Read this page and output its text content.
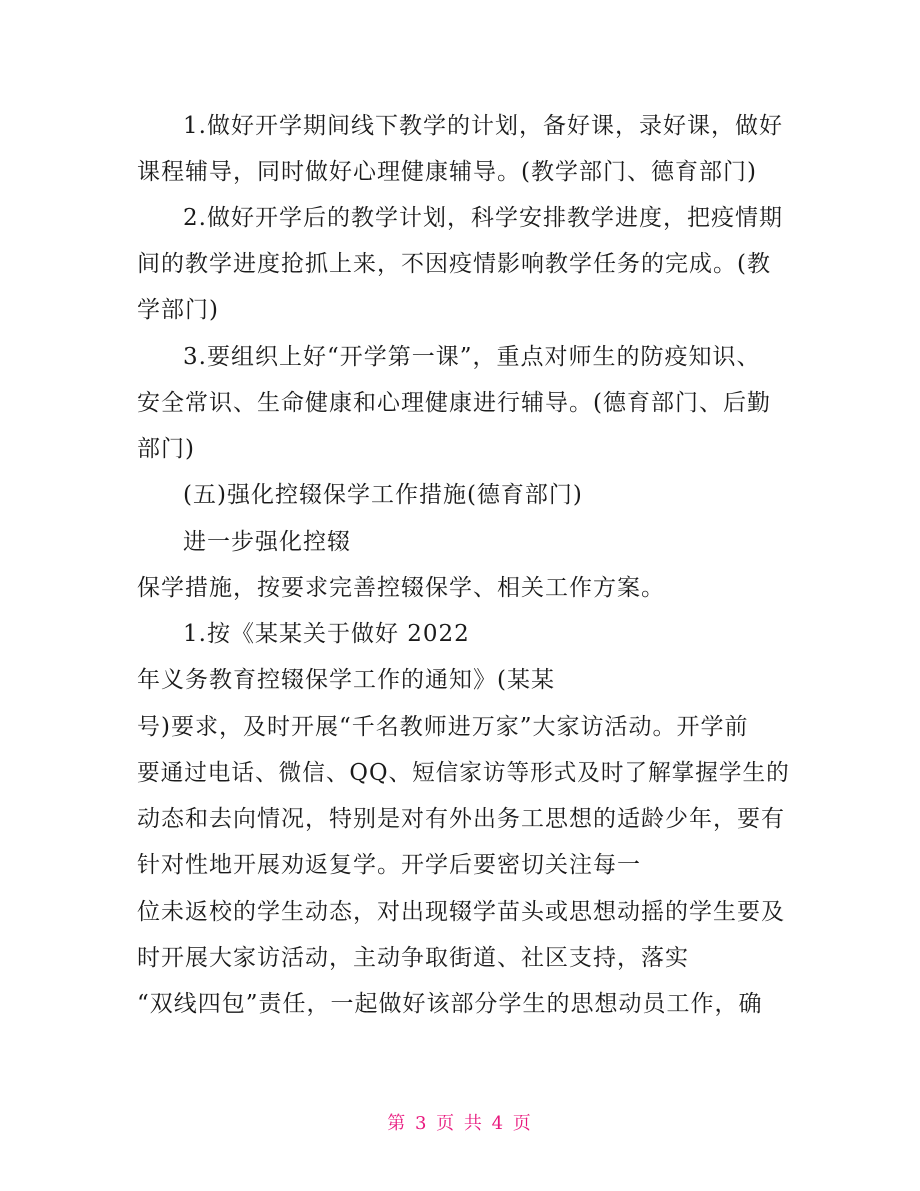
1.做好开学期间线下教学的计划，备好课，录好课，做好
课程辅导，同时做好心理健康辅导。(教学部门、德育部门)
2.做好开学后的教学计划，科学安排教学进度，把疫情期
间的教学进度抢抓上来，不因疫情影响教学任务的完成。(教
学部门)
3.要组织上好“开学第一课”，重点对师生的防疫知识、
安全常识、生命健康和心理健康进行辅导。(德育部门、后勤
部门)
(五)强化控辍保学工作措施(德育部门)
进一步强化控辍
保学措施，按要求完善控辍保学、相关工作方案。
1.按《某某关于做好 2022
年义务教育控辍保学工作的通知》(某某
号)要求，及时开展“千名教师进万家”大家访活动。开学前
要通过电话、微信、QQ、短信家访等形式及时了解掌握学生的
动态和去向情况，特别是对有外出务工思想的适龄少年，要有
针对性地开展劝返复学。开学后要密切关注每一
位未返校的学生动态，对出现辍学苗头或思想动摇的学生要及
时开展大家访活动，主动争取街道、社区支持，落实
“双线四包”责任，一起做好该部分学生的思想动员工作，确
第 3 页 共 4 页
